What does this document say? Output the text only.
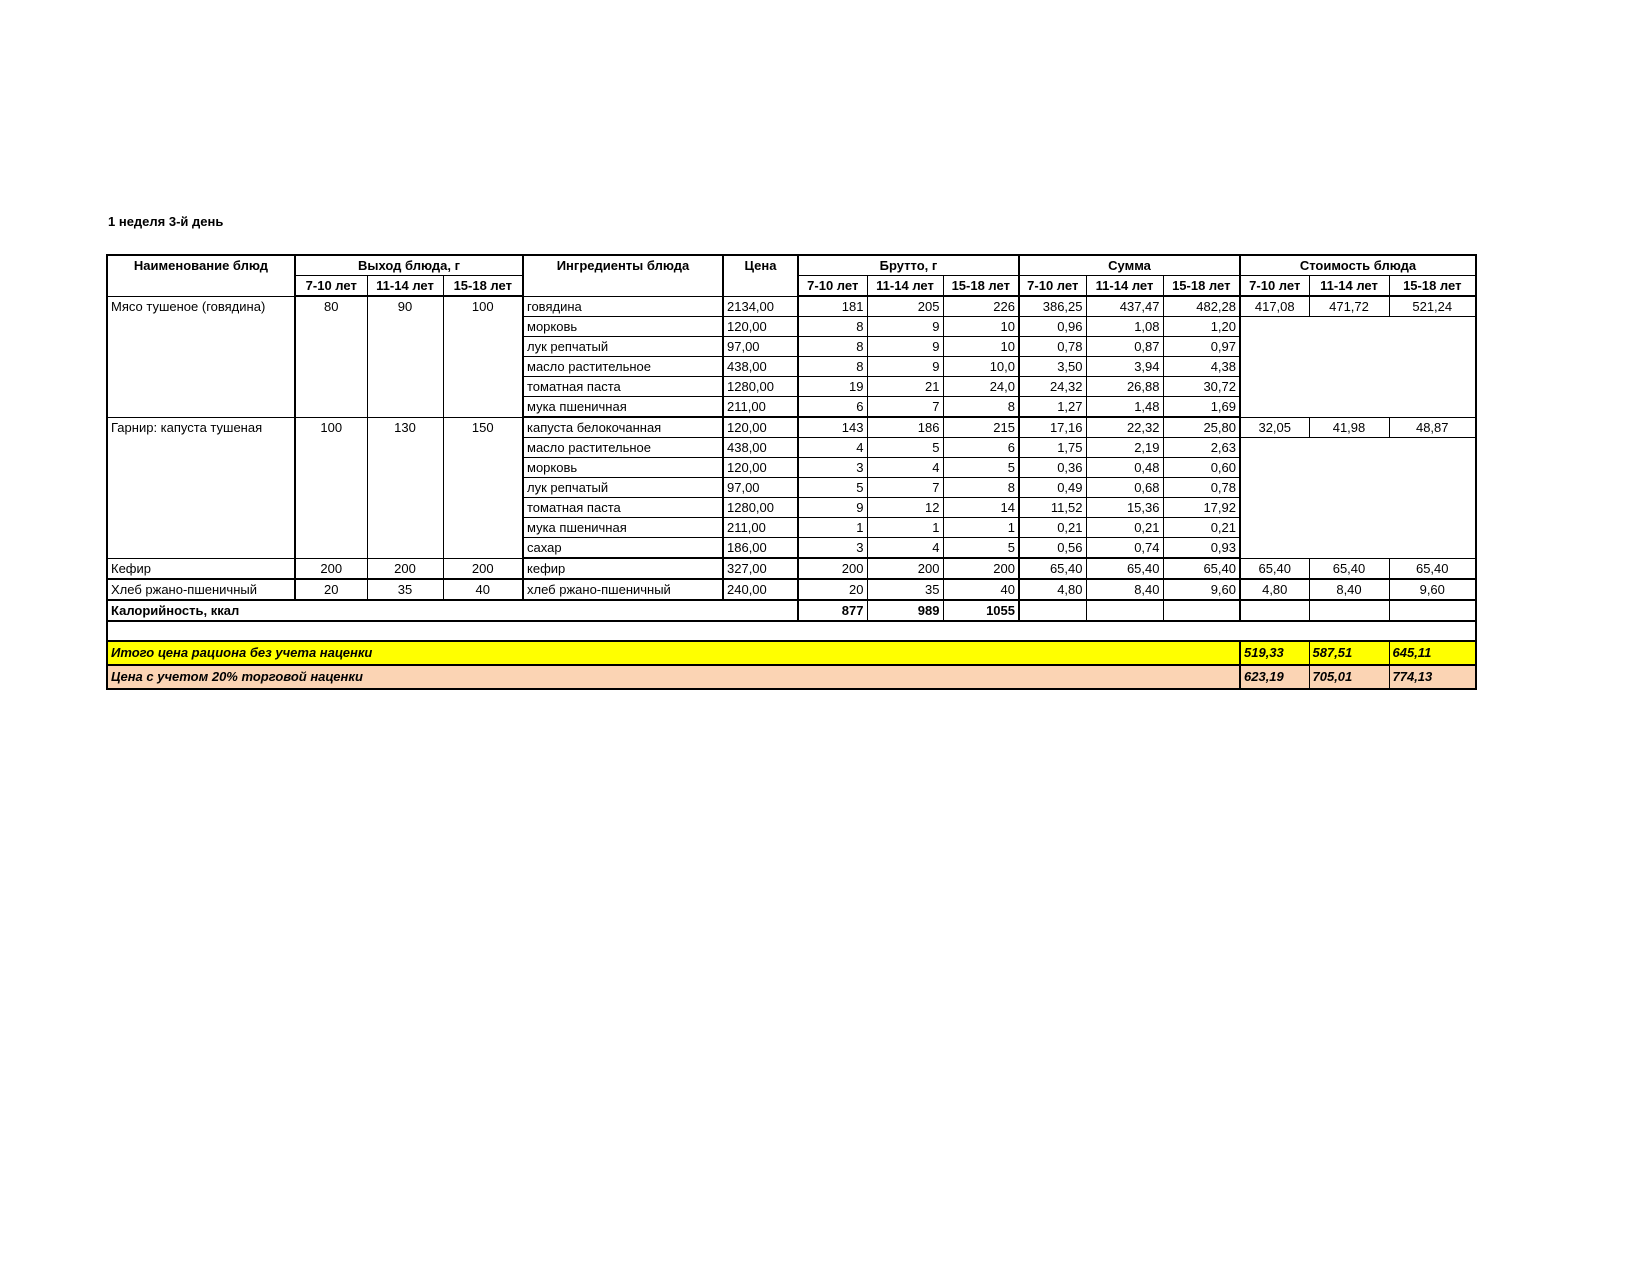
1 неделя 3-й день
Наименование блюд	Выход блюда, г			Ингредиенты блюда	Цена	Брутто, г			Сумма			Стоимость блюда		
	7-10 лет	11-14 лет	15-18 лет			7-10 лет	11-14 лет	15-18 лет	7-10 лет	11-14 лет	15-18 лет	7-10 лет	11-14 лет	15-18 лет
Мясо тушеное (говядина)	80	90	100	говядина	2134,00	181	205	226	386,25	437,47	482,28	417,08	471,72	521,24
				морковь	120,00	8	9	10	0,96	1,08	1,20			
				лук репчатый	97,00	8	9	10	0,78	0,87	0,97			
				масло растительное	438,00	8	9	10,0	3,50	3,94	4,38			
				томатная паста	1280,00	19	21	24,0	24,32	26,88	30,72			
				мука пшеничная	211,00	6	7	8	1,27	1,48	1,69			
Гарнир: капуста тушеная	100	130	150	капуста белокочанная	120,00	143	186	215	17,16	22,32	25,80	32,05	41,98	48,87
				масло растительное	438,00	4	5	6	1,75	2,19	2,63			
				морковь	120,00	3	4	5	0,36	0,48	0,60			
				лук репчатый	97,00	5	7	8	0,49	0,68	0,78			
				томатная паста	1280,00	9	12	14	11,52	15,36	17,92			
				мука пшеничная	211,00	1	1	1	0,21	0,21	0,21			
				сахар	186,00	3	4	5	0,56	0,74	0,93			
Кефир	200	200	200	кефир	327,00	200	200	200	65,40	65,40	65,40	65,40	65,40	65,40
Хлеб ржано-пшеничный	20	35	40	хлеб ржано-пшеничный	240,00	20	35	40	4,80	8,40	9,60	4,80	8,40	9,60
Калорийность, ккал						877	989	1055						

Итого цена рациона без учета наценки												519,33	587,51	645,11
Цена с учетом 20% торговой наценки												623,19	705,01	774,13
